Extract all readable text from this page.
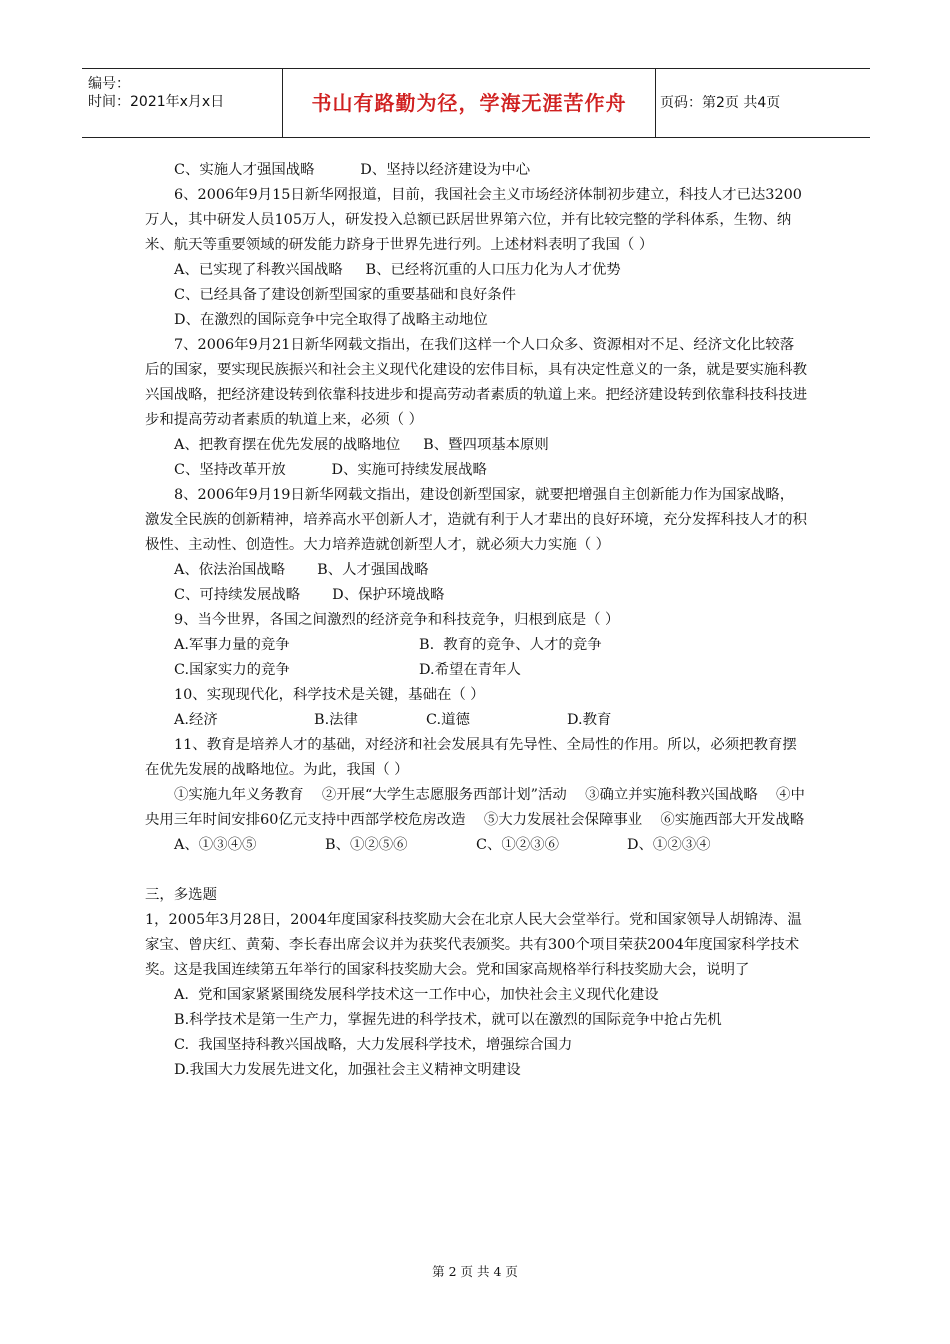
编号：
时间：2021年x月x日	书山有路勤为径，学海无涯苦作舟	页码：第2页 共4页

C、实施人才强国战略          D、坚持以经济建设为中心

6、2006年9月15日新华网报道，目前，我国社会主义市场经济体制初步建立，科技人才已达3200万人，其中研发人员105万人，研发投入总额已跃居世界第六位，并有比较完整的学科体系，生物、纳米、航天等重要领域的研发能力跻身于世界先进行列。上述材料表明了我国（ ）

A、已实现了科教兴国战略     B、已经将沉重的人口压力化为人才优势

C、已经具备了建设创新型国家的重要基础和良好条件

D、在激烈的国际竞争中完全取得了战略主动地位

7、2006年9月21日新华网载文指出，在我们这样一个人口众多、资源相对不足、经济文化比较落后的国家，要实现民族振兴和社会主义现代化建设的宏伟目标，具有决定性意义的一条，就是要实施科教兴国战略，把经济建设转到依靠科技进步和提高劳动者素质的轨道上来。把经济建设转到依靠科技科技进步和提高劳动者素质的轨道上来，必须（ ）

A、把教育摆在优先发展的战略地位     B、暨四项基本原则

C、坚持改革开放          D、实施可持续发展战略

8、2006年9月19日新华网载文指出，建设创新型国家，就要把增强自主创新能力作为国家战略，激发全民族的创新精神，培养高水平创新人才，造就有利于人才辈出的良好环境，充分发挥科技人才的积极性、主动性、创造性。大力培养造就创新型人才，就必须大力实施（ ）

A、依法治国战略       B、人才强国战略

C、可持续发展战略       D、保护环境战略

9、当今世界，各国之间激烈的经济竞争和科技竞争，归根到底是（ ）

A.军事力量的竞争	B.  教育的竞争、人才的竞争
C.国家实力的竞争	D.希望在青年人

10、实现现代化，科学技术是关键，基础在（ ）

A.经济	B.法律	C.道德	D.教育

11、教育是培养人才的基础，对经济和社会发展具有先导性、全局性的作用。所以，必须把教育摆在优先发展的战略地位。为此，我国（ ）

①实施九年义务教育    ②开展“大学生志愿服务西部计划”活动    ③确立并实施科教兴国战略    ④中央用三年时间安排60亿元支持中西部学校危房改造    ⑤大力发展社会保障事业    ⑥实施西部大开发战略

A、①③④⑤	B、①②⑤⑥	C、①②③⑥	D、①②③④

三，多选题

1，2005年3月28日，2004年度国家科技奖励大会在北京人民大会堂举行。党和国家领导人胡锦涛、温家宝、曾庆红、黄菊、李长春出席会议并为获奖代表颁奖。共有300个项目荣获2004年度国家科学技术奖。这是我国连续第五年举行的国家科技奖励大会。党和国家高规格举行科技奖励大会，说明了

A.  党和国家紧紧围绕发展科学技术这一工作中心，加快社会主义现代化建设

B.科学技术是第一生产力，掌握先进的科学技术，就可以在激烈的国际竞争中抢占先机

C.  我国坚持科教兴国战略，大力发展科学技术，增强综合国力

D.我国大力发展先进文化，加强社会主义精神文明建设

第 2 页 共 4 页
